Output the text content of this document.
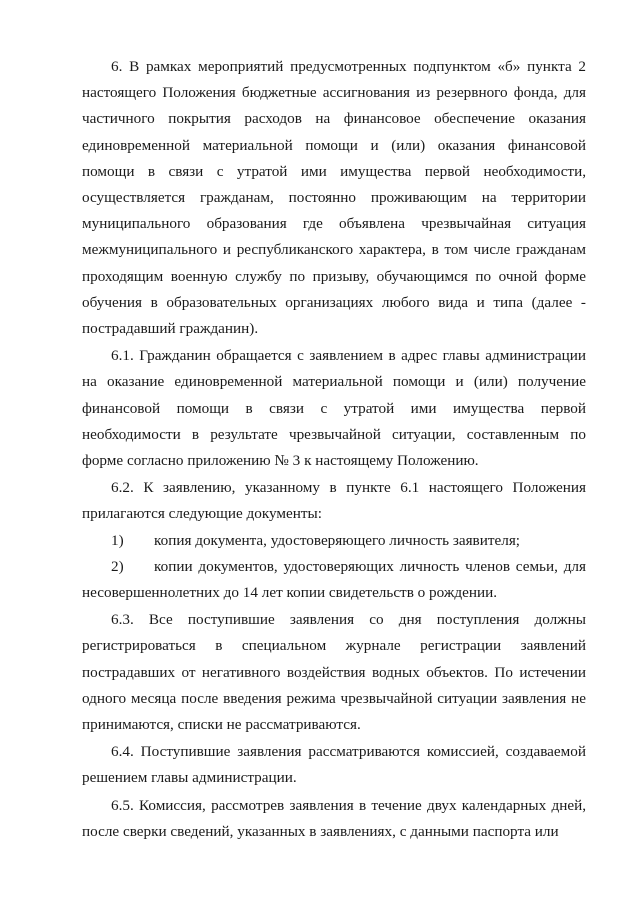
6. В рамках мероприятий предусмотренных подпунктом «б» пункта 2 настоящего Положения бюджетные ассигнования из резервного фонда, для частичного покрытия расходов на финансовое обеспечение оказания единовременной материальной помощи и (или) оказания финансовой помощи в связи с утратой ими имущества первой необходимости, осуществляется гражданам, постоянно проживающим на территории муниципального образования где объявлена чрезвычайная ситуация межмуниципального и республиканского характера, в том числе гражданам проходящим военную службу по призыву, обучающимся по очной форме обучения в образовательных организациях любого вида и типа (далее - пострадавший гражданин).

6.1. Гражданин обращается с заявлением в адрес главы администрации на оказание единовременной материальной помощи и (или) получение финансовой помощи в связи с утратой ими имущества первой необходимости в результате чрезвычайной ситуации, составленным по форме согласно приложению № 3 к настоящему Положению.

6.2. К заявлению, указанному в пункте 6.1 настоящего Положения прилагаются следующие документы:

1) копия документа, удостоверяющего личность заявителя;

2) копии документов, удостоверяющих личность членов семьи, для несовершеннолетних до 14 лет копии свидетельств о рождении.

6.3. Все поступившие заявления со дня поступления должны регистрироваться в специальном журнале регистрации заявлений пострадавших от негативного воздействия водных объектов. По истечении одного месяца после введения режима чрезвычайной ситуации заявления не принимаются, списки не рассматриваются.

6.4. Поступившие заявления рассматриваются комиссией, создаваемой решением главы администрации.

6.5. Комиссия, рассмотрев заявления в течение двух календарных дней, после сверки сведений, указанных в заявлениях, с данными паспорта или
